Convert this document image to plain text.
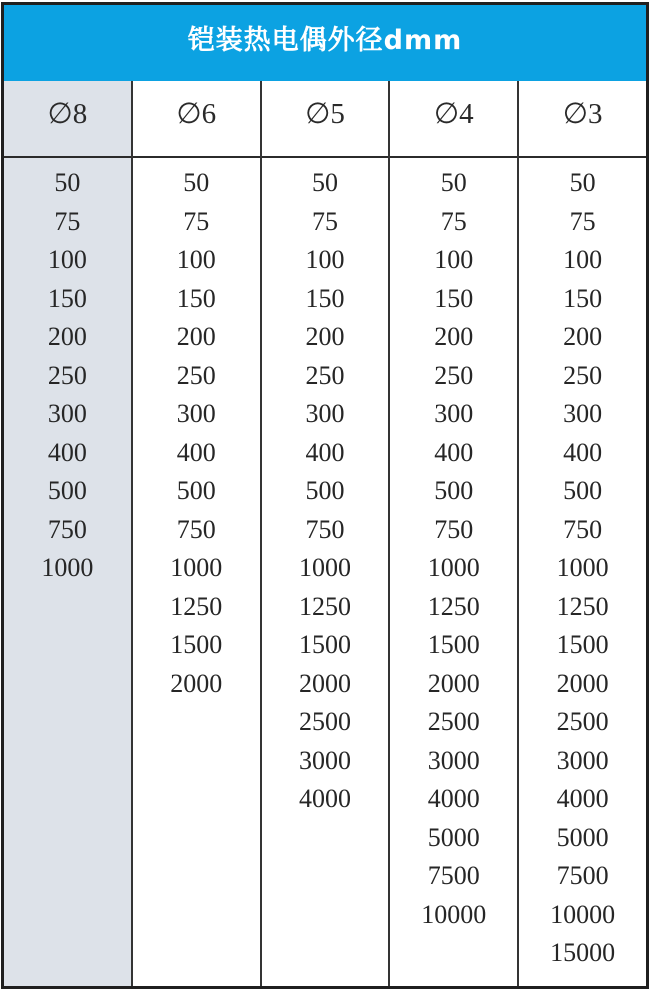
铠装热电偶外径dmm
∅8
50
75
100
150
200
250
300
400
500
750
1000
∅6
50
75
100
150
200
250
300
400
500
750
1000
1250
1500
2000
∅5
50
75
100
150
200
250
300
400
500
750
1000
1250
1500
2000
2500
3000
4000
∅4
50
75
100
150
200
250
300
400
500
750
1000
1250
1500
2000
2500
3000
4000
5000
7500
10000
∅3
50
75
100
150
200
250
300
400
500
750
1000
1250
1500
2000
2500
3000
4000
5000
7500
10000
15000
